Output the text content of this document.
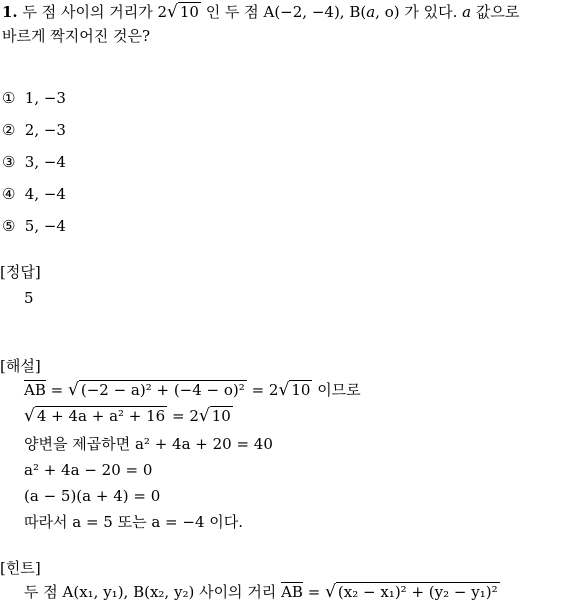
1. 두 점 사이의 거리가 2√ 10 인 두 점 A(−2, −4), B(a, o) 가 있다. a 값으로
바르게 짝지어진 것은?
① 1, −3
② 2, −3
③ 3, −4
④ 4, −4
⑤ 5, −4
[정답]
5
[해설]
AB = √ (−2 − a)² + (−4 − o)² = 2√ 10 이므로
√ 4 + 4a + a² + 16 = 2√ 10
양변을 제곱하면 a² + 4a + 20 = 40
a² + 4a − 20 = 0
(a − 5)(a + 4) = 0
따라서 a = 5 또는 a = −4 이다.
[힌트]
두 점 A(x₁, y₁), B(x₂, y₂) 사이의 거리 AB = √ (x₂ − x₁)² + (y₂ − y₁)²
